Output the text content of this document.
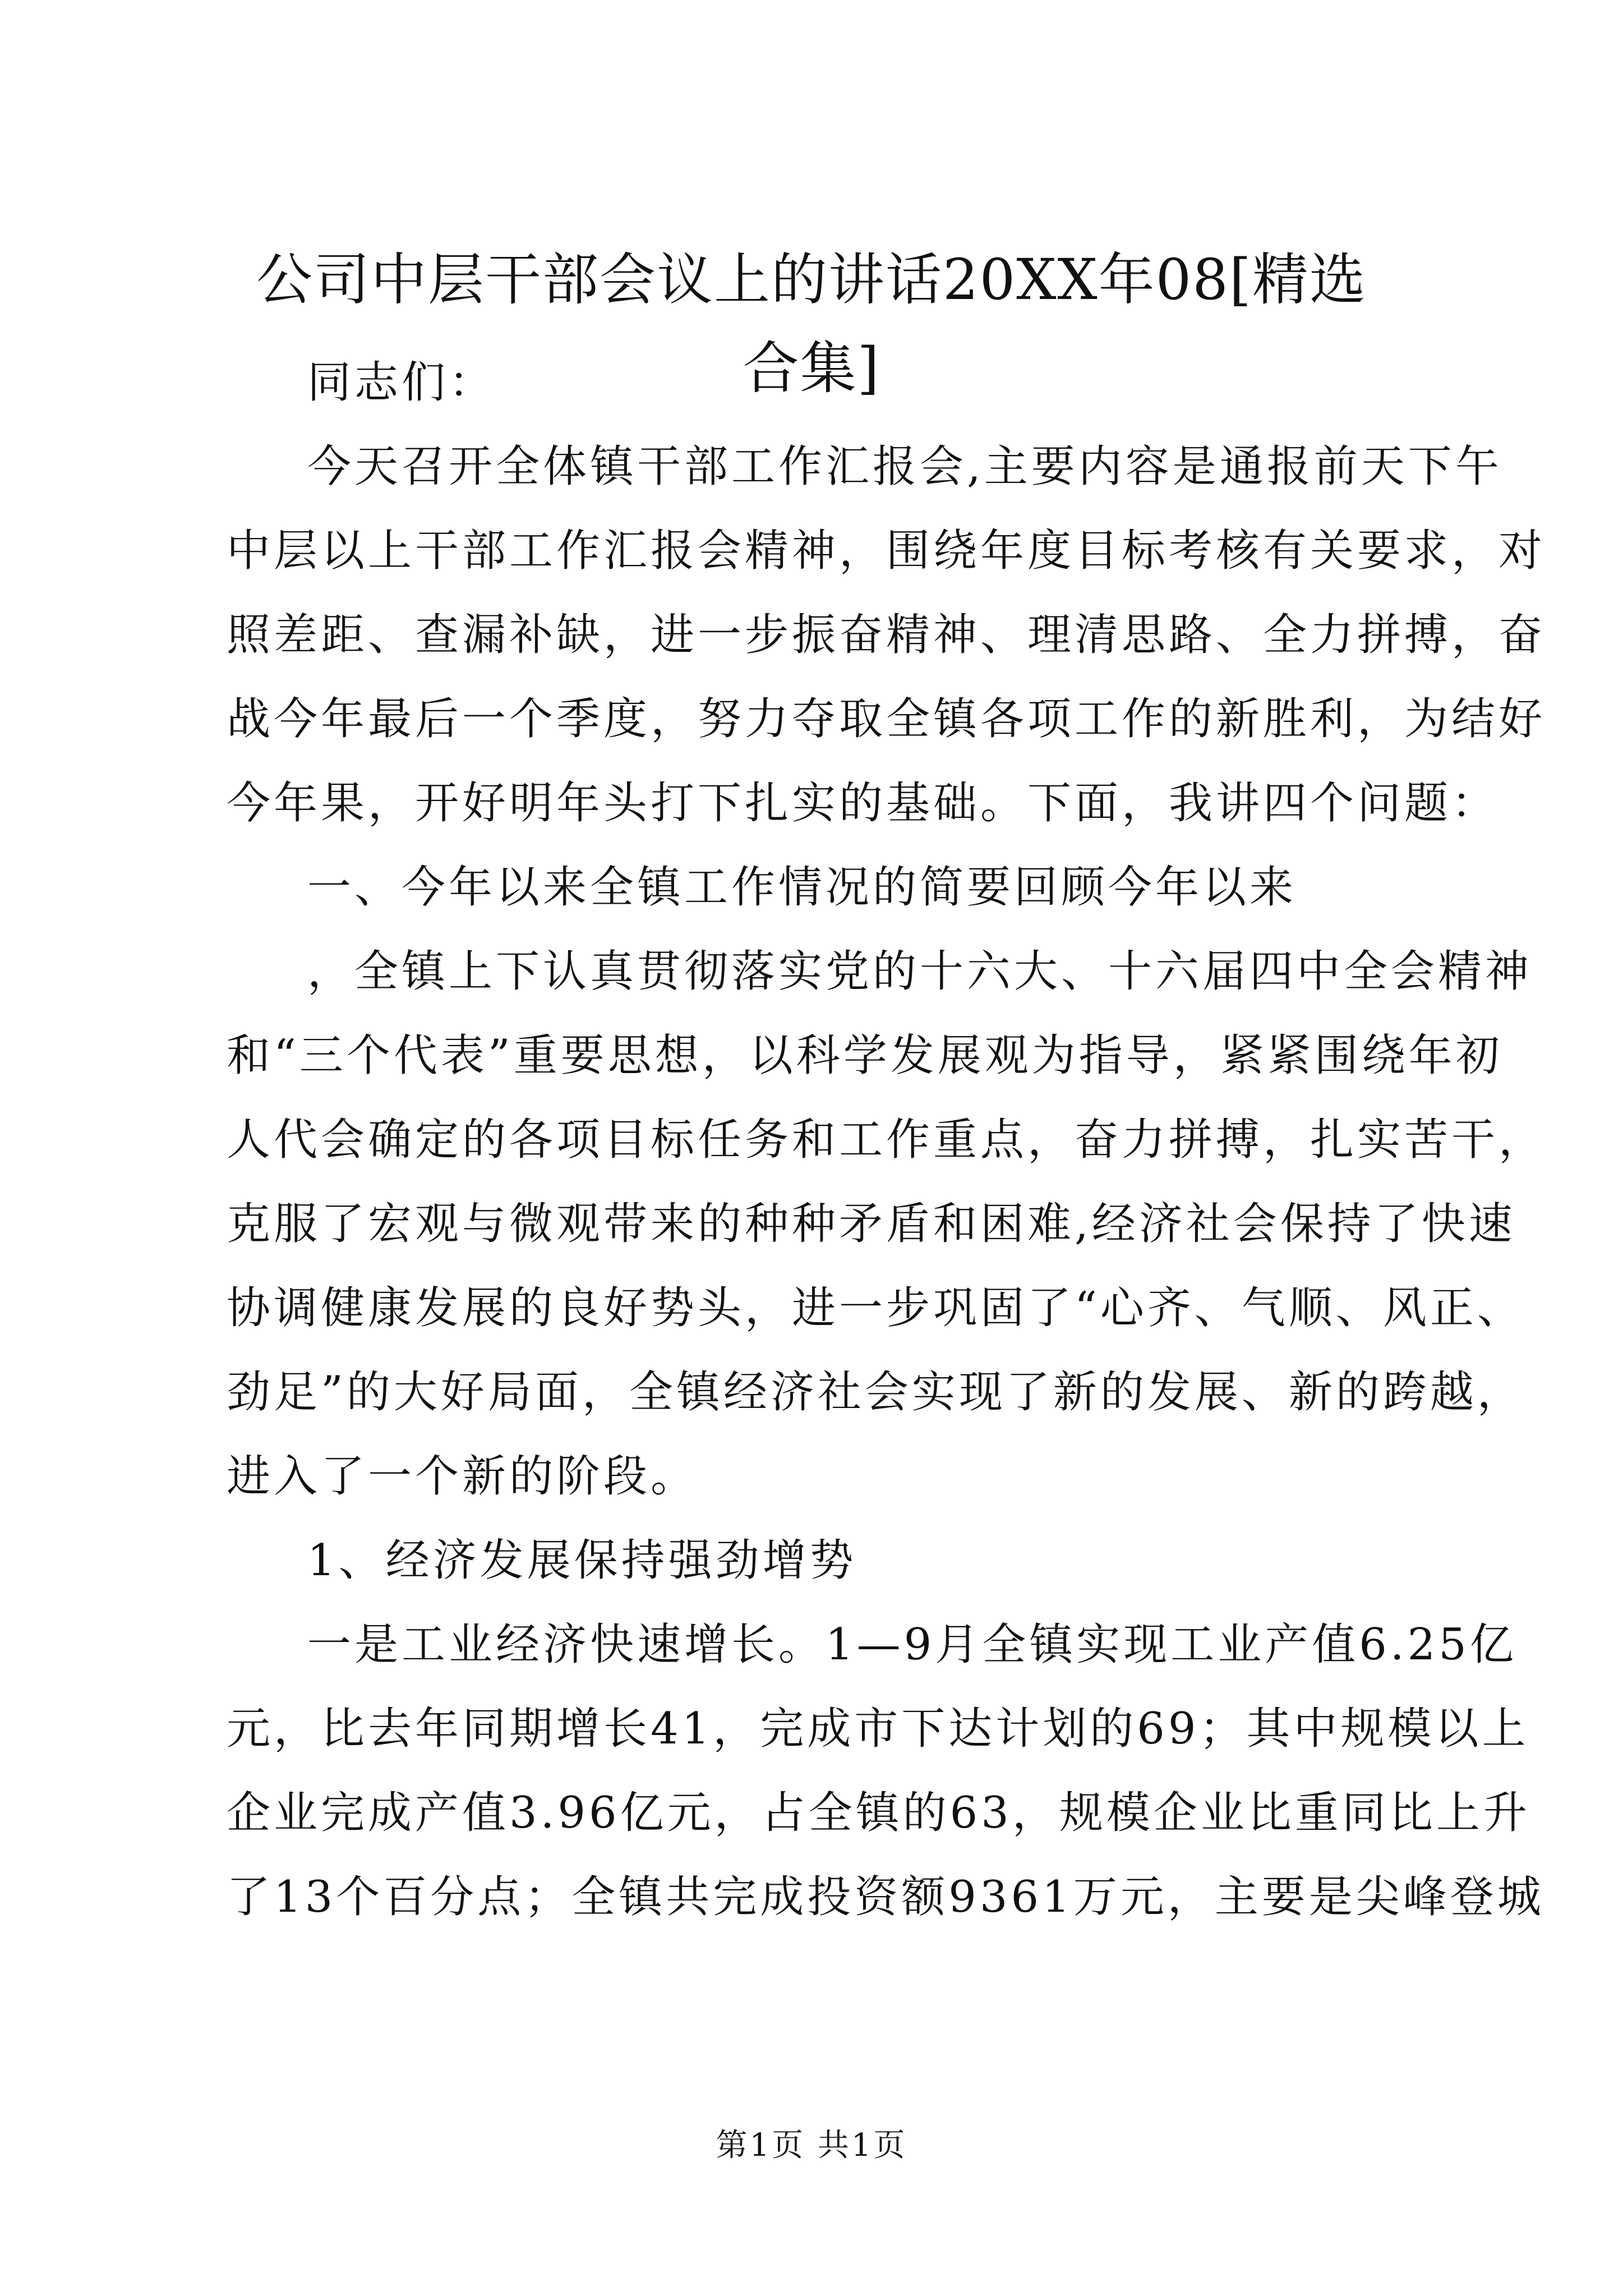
公司中层干部会议上的讲话20XX年08[精选
合集]
同志们：
今天召开全体镇干部工作汇报会,主要内容是通报前天下午
中层以上干部工作汇报会精神，围绕年度目标考核有关要求，对
照差距、查漏补缺，进一步振奋精神、理清思路、全力拼搏，奋
战今年最后一个季度，努力夺取全镇各项工作的新胜利，为结好
今年果，开好明年头打下扎实的基础。下面，我讲四个问题：
一、今年以来全镇工作情况的简要回顾今年以来
，全镇上下认真贯彻落实党的十六大、十六届四中全会精神
和“三个代表”重要思想，以科学发展观为指导，紧紧围绕年初
人代会确定的各项目标任务和工作重点，奋力拼搏，扎实苦干，
克服了宏观与微观带来的种种矛盾和困难,经济社会保持了快速
协调健康发展的良好势头，进一步巩固了“心齐、气顺、风正、
劲足”的大好局面，全镇经济社会实现了新的发展、新的跨越，
进入了一个新的阶段。
1、经济发展保持强劲增势
一是工业经济快速增长。1—9月全镇实现工业产值6.25亿
元，比去年同期增长41，完成市下达计划的69；其中规模以上
企业完成产值3.96亿元，占全镇的63，规模企业比重同比上升
了13个百分点；全镇共完成投资额9361万元，主要是尖峰登城
第1页 共1页
